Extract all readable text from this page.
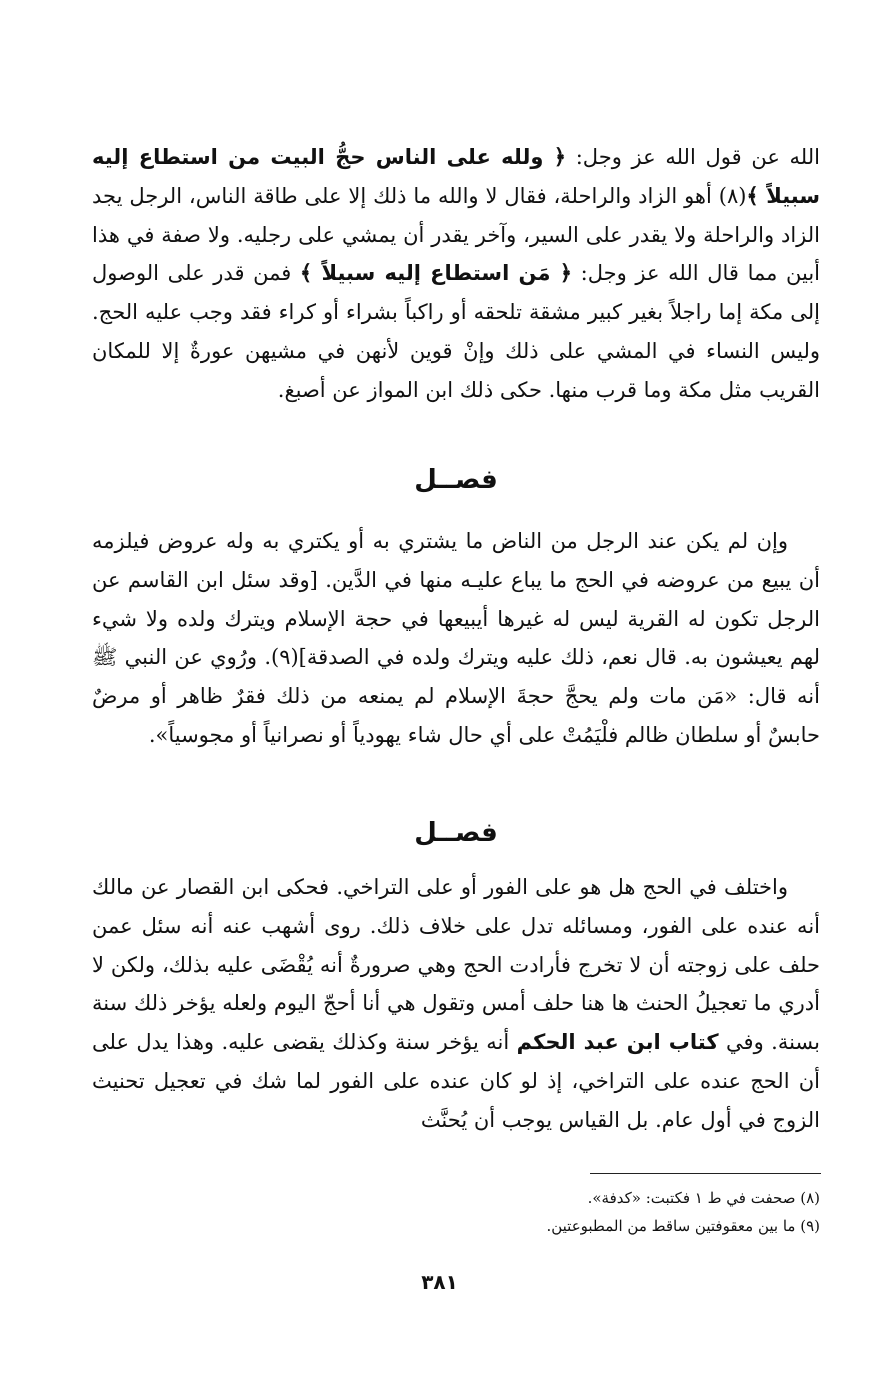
الله عن قول الله عز وجل: ﴿ ولله على الناس حجُّ البيت من استطاع إليه سبيلاً ﴾(٨) أهو الزاد والراحلة، فقال لا والله ما ذلك إلا على طاقة الناس، الرجل يجد الزاد والراحلة ولا يقدر على السير، وآخر يقدر أن يمشي على رجليه. ولا صفة في هذا أبين مما قال الله عز وجل: ﴿ مَن استطاع إليه سبيلاً ﴾ فمن قدر على الوصول إلى مكة إما راجلاً بغير كبير مشقة تلحقه أو راكباً بشراء أو كراء فقد وجب عليه الحج. وليس النساء في المشي على ذلك وإنْ قوين لأنهن في مشيهن عورةٌ إلا للمكان القريب مثل مكة وما قرب منها. حكى ذلك ابن المواز عن أصبغ.

فصــل

وإن لم يكن عند الرجل من الناض ما يشتري به أو يكتري به وله عروض فيلزمه أن يبيع من عروضه في الحج ما يباع عليـه منها في الدَّين. [وقد سئل ابن القاسم عن الرجل تكون له القرية ليس له غيرها أيبيعها في حجة الإسلام ويترك ولده ولا شيء لهم يعيشون به. قال نعم، ذلك عليه ويترك ولده في الصدقة](٩). ورُوي عن النبي ﷺ أنه قال: «مَن مات ولم يحجَّ حجةَ الإسلام لم يمنعه من ذلك فقرٌ ظاهر أو مرضٌ حابسٌ أو سلطان ظالم فلْيَمُتْ على أي حال شاء يهودياً أو نصرانياً أو مجوسياً».

فصــل

واختلف في الحج هل هو على الفور أو على التراخي. فحكى ابن القصار عن مالك أنه عنده على الفور، ومسائله تدل على خلاف ذلك. روى أشهب عنه أنه سئل عمن حلف على زوجته أن لا تخرج فأرادت الحج وهي صرورةٌ أنه يُقْضَى عليه بذلك، ولكن لا أدري ما تعجيلُ الحنث ها هنا حلف أمس وتقول هي أنا أحجّ اليوم ولعله يؤخر ذلك سنة بسنة. وفي كتاب ابن عبد الحكم أنه يؤخر سنة وكذلك يقضى عليه. وهذا يدل على أن الحج عنده على التراخي، إذ لو كان عنده على الفور لما شك في تعجيل تحنيث الزوج في أول عام. بل القياس يوجب أن يُحنَّث

(٨) صحفت في ط ١ فكتبت: «كدفة».

(٩) ما بين معقوفتين ساقط من المطبوعتين.

٣٨١
